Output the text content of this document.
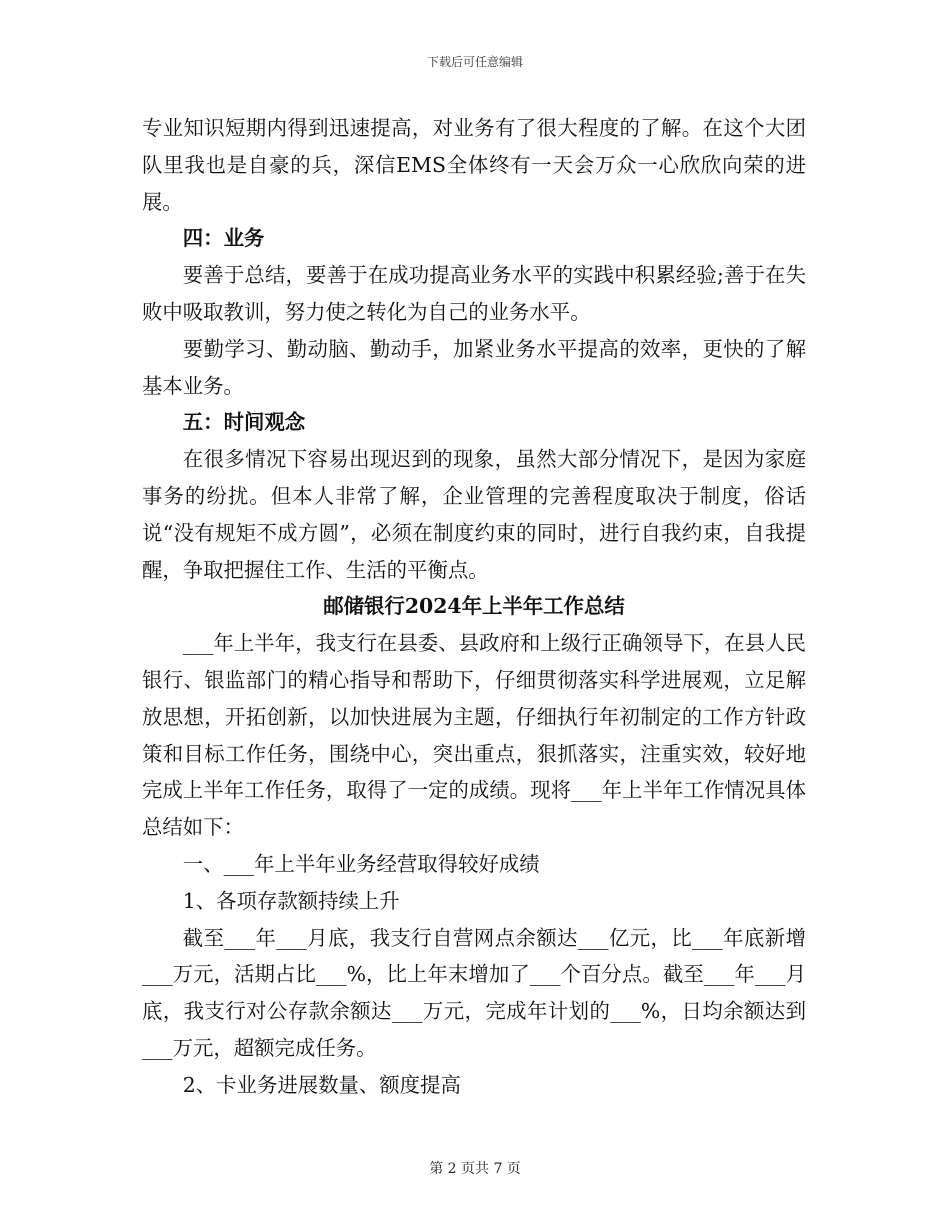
下载后可任意编辑

专业知识短期内得到迅速提高，对业务有了很大程度的了解。在这个大团队里我也是自豪的兵，深信EMS全体终有一天会万众一心欣欣向荣的进展。

四：业务

要善于总结，要善于在成功提高业务水平的实践中积累经验;善于在失败中吸取教训，努力使之转化为自己的业务水平。

要勤学习、勤动脑、勤动手，加紧业务水平提高的效率，更快的了解基本业务。

五：时间观念

在很多情况下容易出现迟到的现象，虽然大部分情况下，是因为家庭事务的纷扰。但本人非常了解，企业管理的完善程度取决于制度，俗话说“没有规矩不成方圆”，必须在制度约束的同时，进行自我约束，自我提醒，争取把握住工作、生活的平衡点。

邮储银行2024年上半年工作总结

___年上半年，我支行在县委、县政府和上级行正确领导下，在县人民银行、银监部门的精心指导和帮助下，仔细贯彻落实科学进展观，立足解放思想，开拓创新，以加快进展为主题，仔细执行年初制定的工作方针政策和目标工作任务，围绕中心，突出重点，狠抓落实，注重实效，较好地完成上半年工作任务，取得了一定的成绩。现将___年上半年工作情况具体总结如下：

一、___年上半年业务经营取得较好成绩

1、各项存款额持续上升

截至___年___月底，我支行自营网点余额达___亿元，比___年底新增___万元，活期占比___%，比上年末增加了___个百分点。截至___年___月底，我支行对公存款余额达___万元，完成年计划的___%，日均余额达到___万元，超额完成任务。

2、卡业务进展数量、额度提高

第 2 页共 7 页
